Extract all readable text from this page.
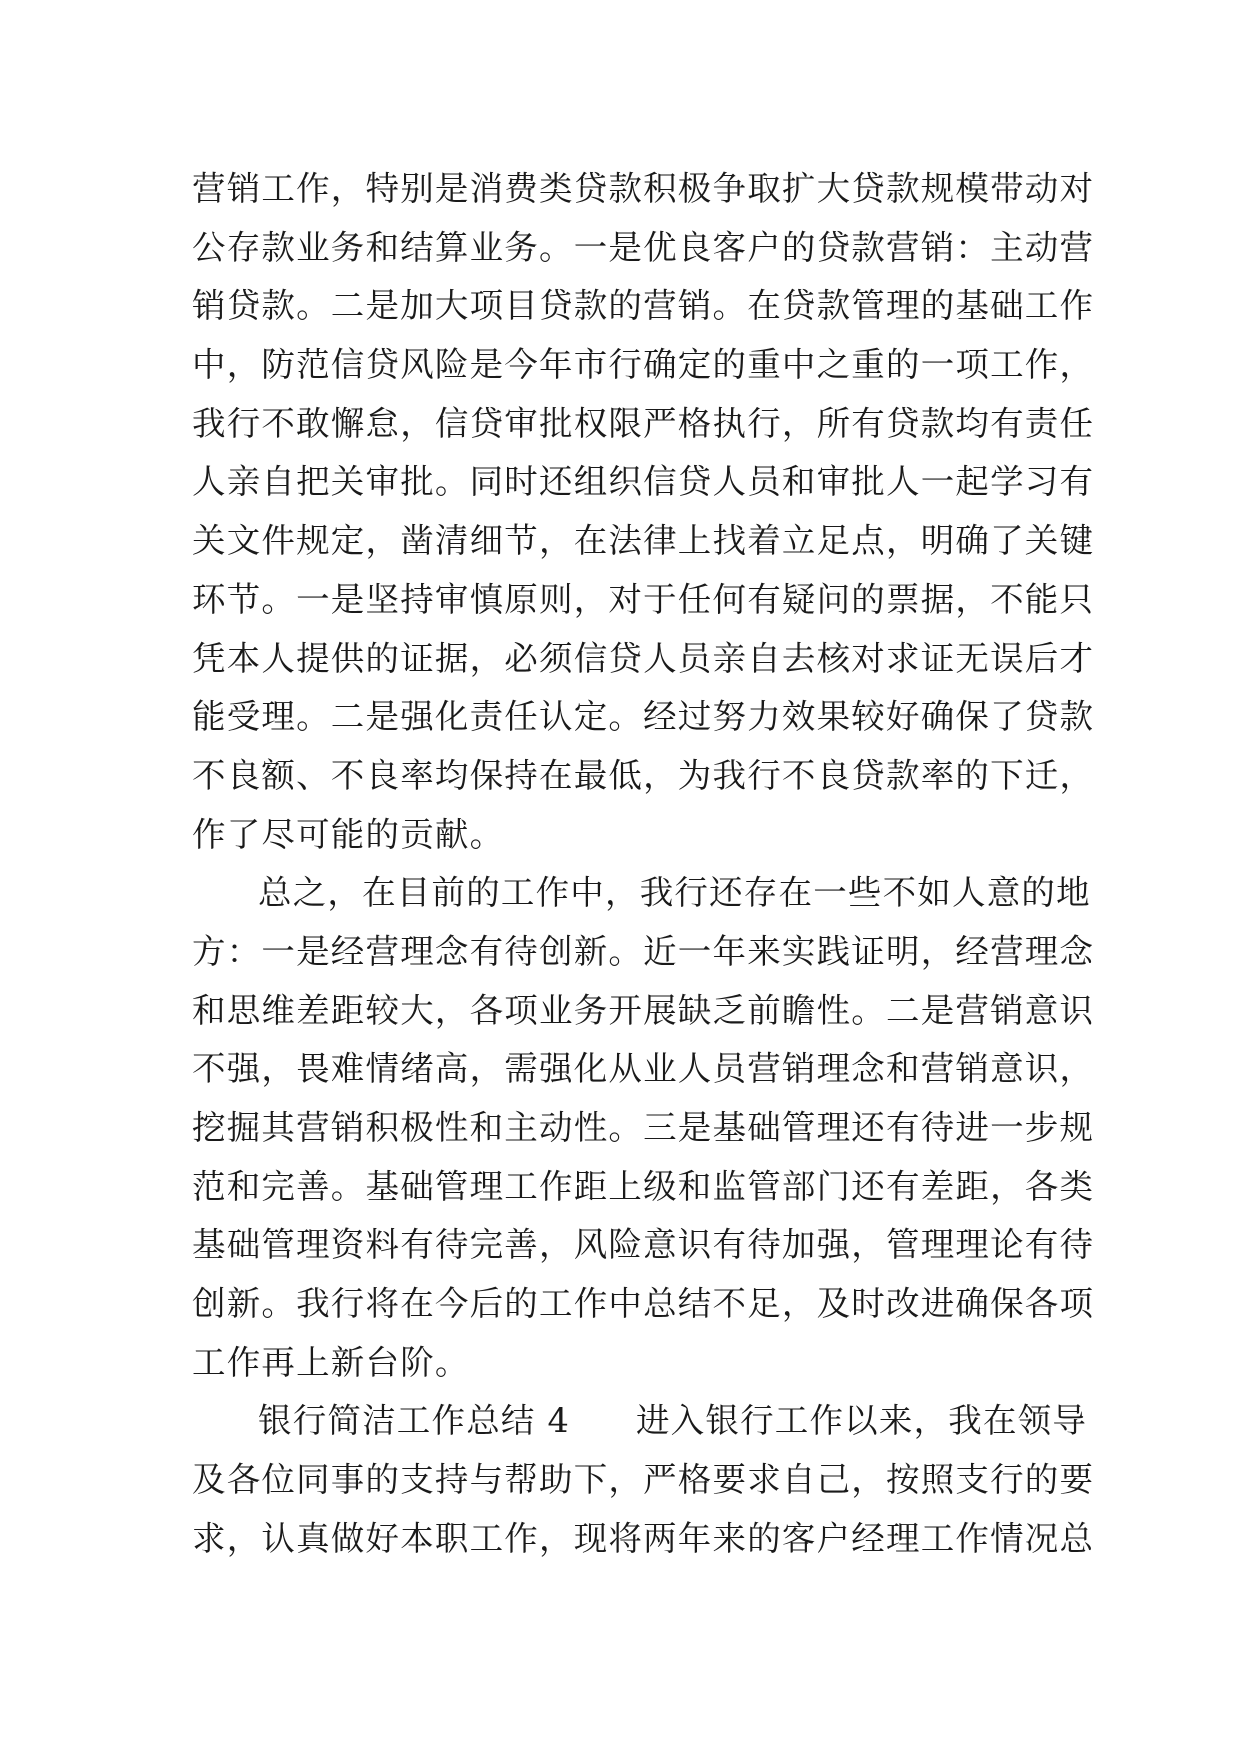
营销工作，特别是消费类贷款积极争取扩大贷款规模带动对
公存款业务和结算业务。一是优良客户的贷款营销：主动营
销贷款。二是加大项目贷款的营销。在贷款管理的基础工作
中，防范信贷风险是今年市行确定的重中之重的一项工作，
我行不敢懈怠，信贷审批权限严格执行，所有贷款均有责任
人亲自把关审批。同时还组织信贷人员和审批人一起学习有
关文件规定，凿清细节，在法律上找着立足点，明确了关键
环节。一是坚持审慎原则，对于任何有疑问的票据，不能只
凭本人提供的证据，必须信贷人员亲自去核对求证无误后才
能受理。二是强化责任认定。经过努力效果较好确保了贷款
不良额、不良率均保持在最低，为我行不良贷款率的下迁，
作了尽可能的贡献。
总之，在目前的工作中，我行还存在一些不如人意的地
方：一是经营理念有待创新。近一年来实践证明，经营理念
和思维差距较大，各项业务开展缺乏前瞻性。二是营销意识
不强，畏难情绪高，需强化从业人员营销理念和营销意识，
挖掘其营销积极性和主动性。三是基础管理还有待进一步规
范和完善。基础管理工作距上级和监管部门还有差距，各类
基础管理资料有待完善，风险意识有待加强，管理理论有待
创新。我行将在今后的工作中总结不足，及时改进确保各项
工作再上新台阶。
银行简洁工作总结 4 进入银行工作以来，我在领导
及各位同事的支持与帮助下，严格要求自己，按照支行的要
求，认真做好本职工作，现将两年来的客户经理工作情况总
